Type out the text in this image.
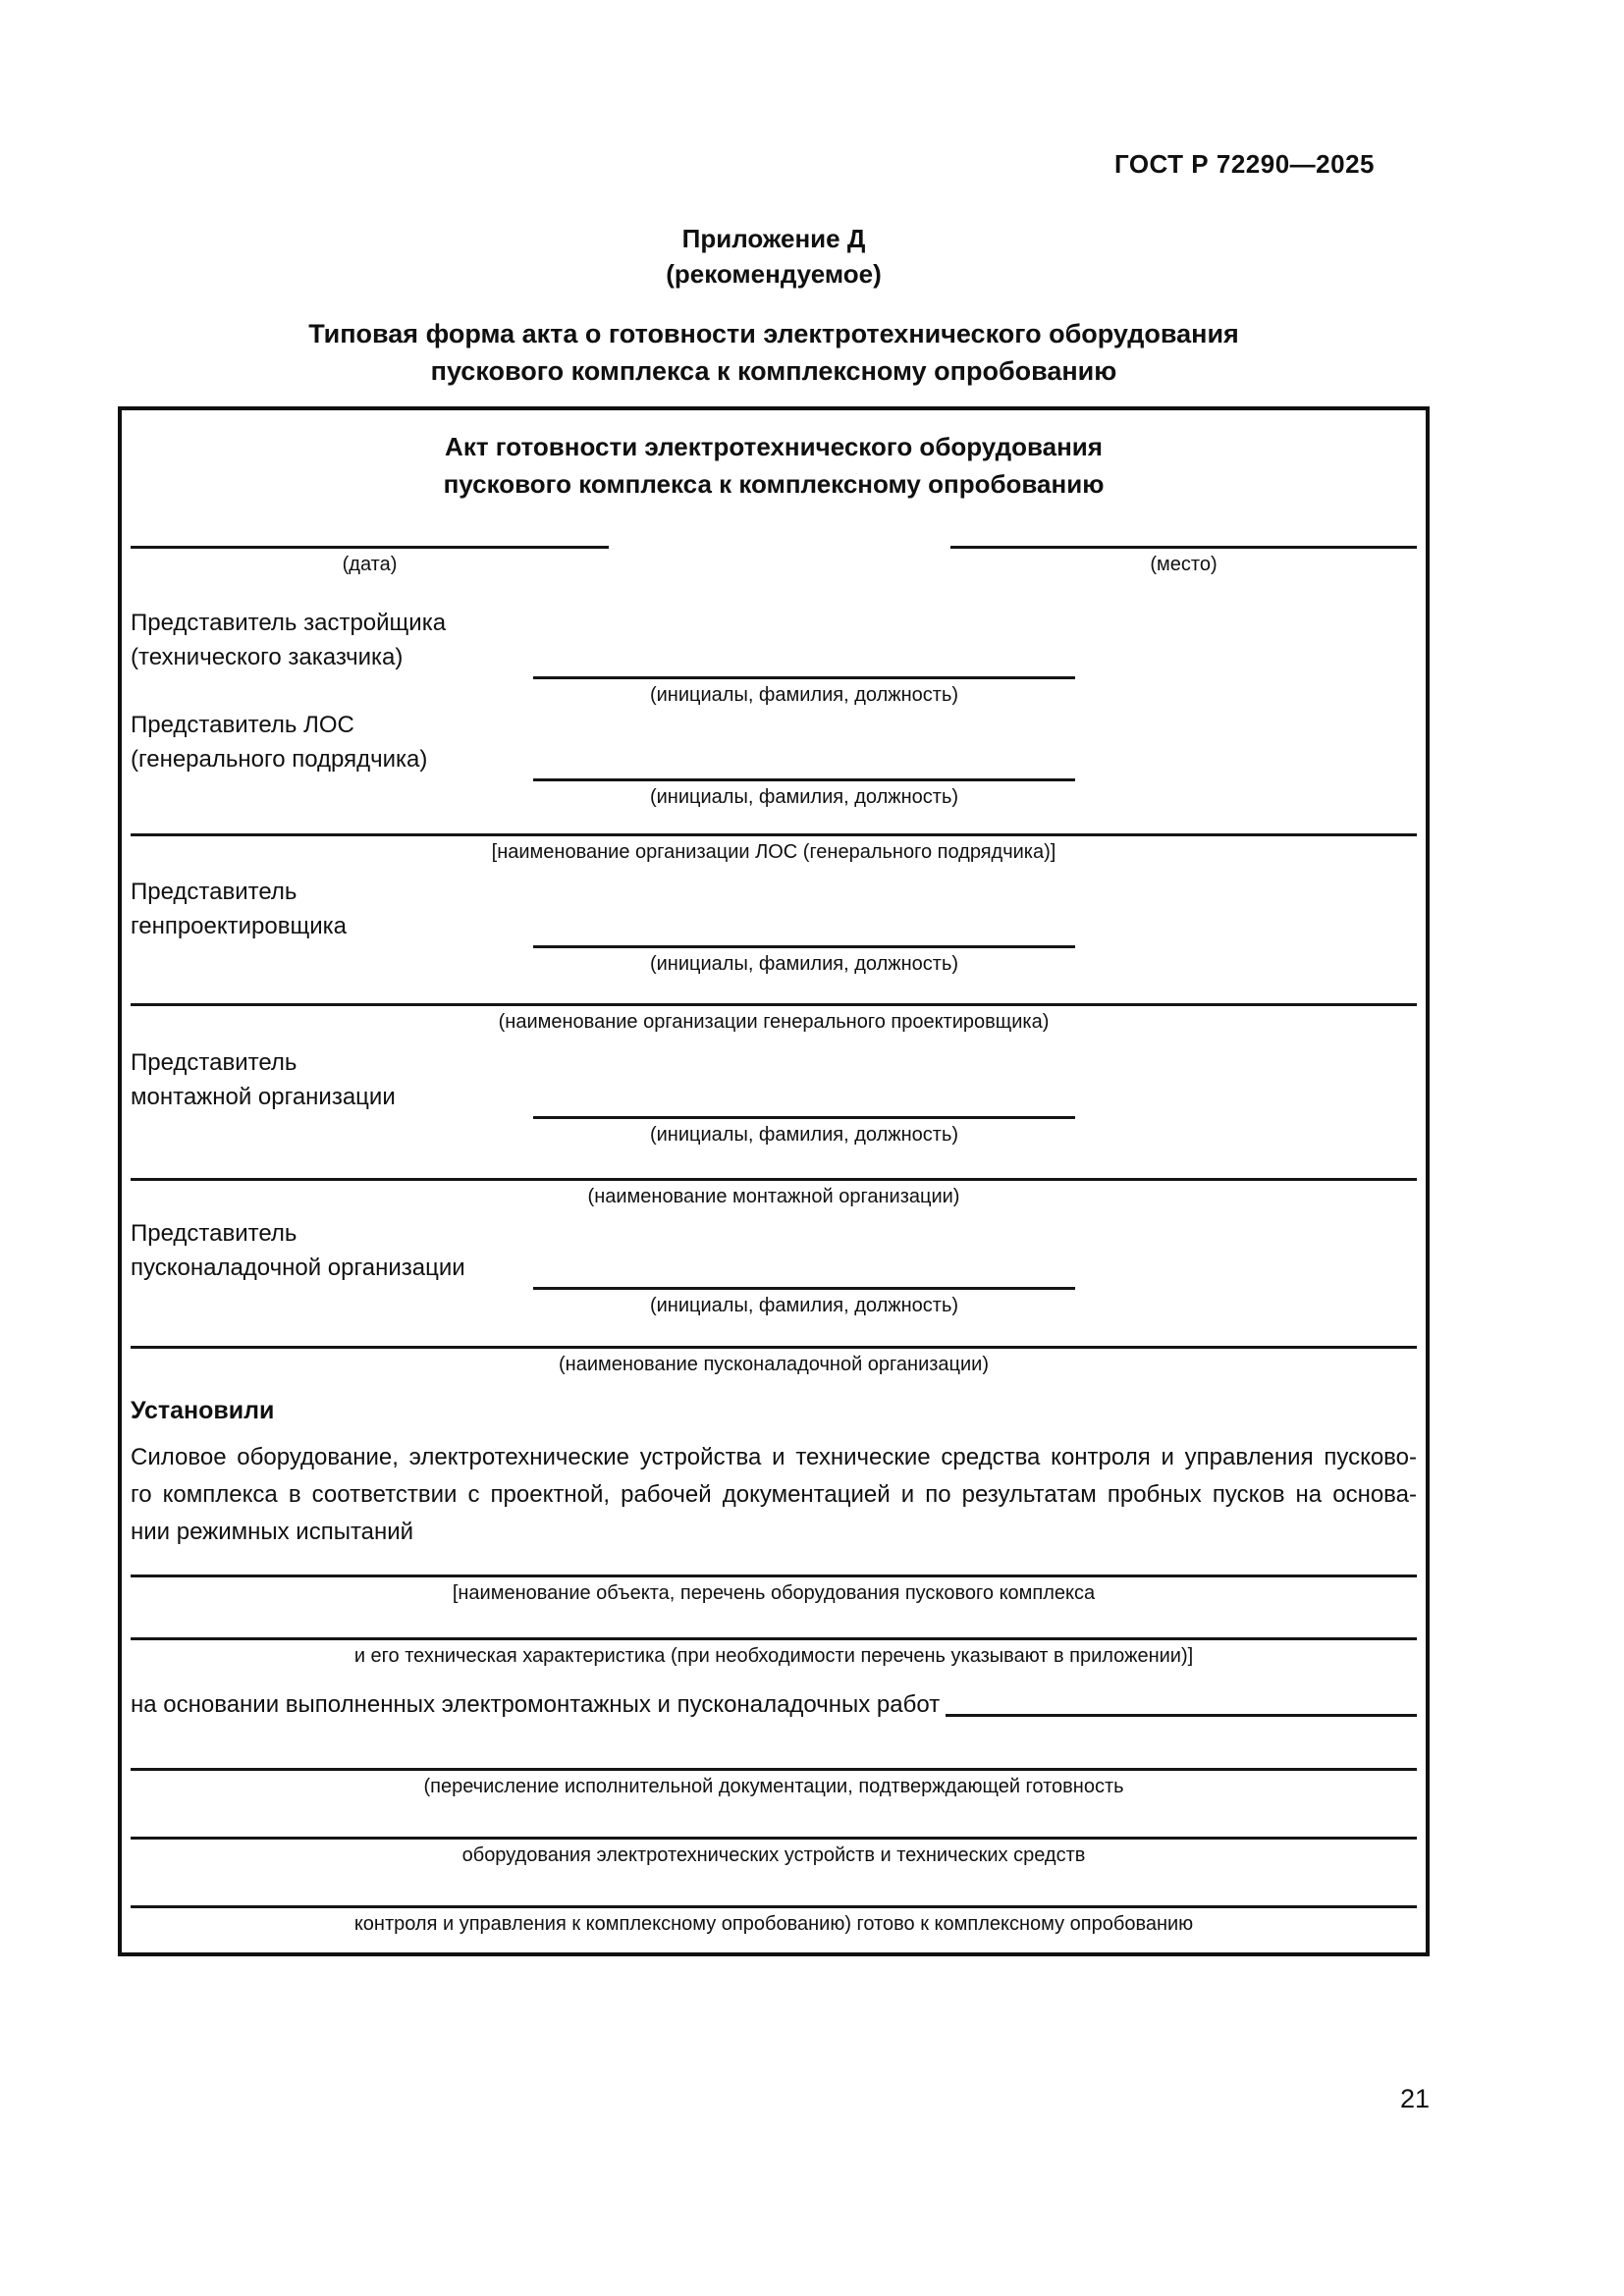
ГОСТ Р 72290—2025
Приложение Д
(рекомендуемое)
Типовая форма акта о готовности электротехнического оборудования
пускового комплекса к комплексному опробованию
Акт готовности электротехнического оборудования
пускового комплекса к комплексному опробованию
(дата)	(место)
Представитель застройщика
(технического заказчика)
(инициалы, фамилия, должность)
Представитель ЛОС
(генерального подрядчика)
(инициалы, фамилия, должность)
[наименование организации ЛОС (генерального подрядчика)]
Представитель
генпроектировщика
(инициалы, фамилия, должность)
(наименование организации генерального проектировщика)
Представитель
монтажной организации
(инициалы, фамилия, должность)
(наименование монтажной организации)
Представитель
пусконаладочной организации
(инициалы, фамилия, должность)
(наименование пусконаладочной организации)
Установили
Силовое оборудование, электротехнические устройства и технические средства контроля и управления пусково-
го комплекса в соответствии с проектной, рабочей документацией и по результатам пробных пусков на основа-
нии режимных испытаний
[наименование объекта, перечень оборудования пускового комплекса
и его техническая характеристика (при необходимости перечень указывают в приложении)]
на основании выполненных электромонтажных и пусконаладочных работ
(перечисление исполнительной документации, подтверждающей готовность
оборудования электротехнических устройств и технических средств
контроля и управления к комплексному опробованию) готово к комплексному опробованию
21
